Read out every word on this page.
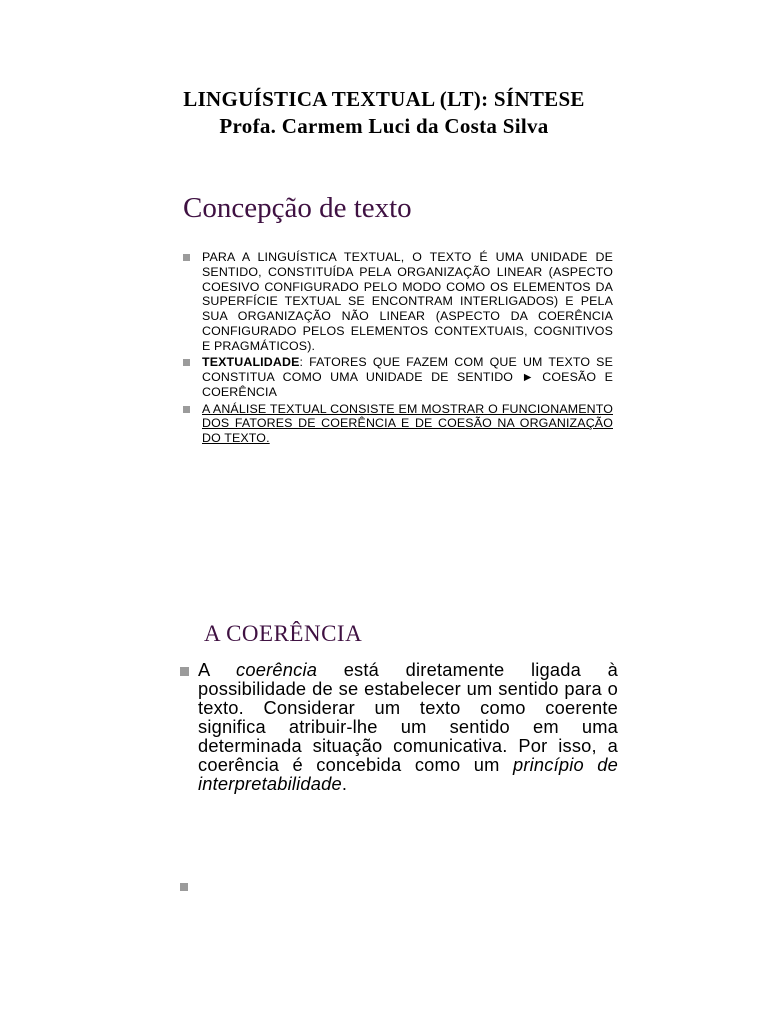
LINGUÍSTICA TEXTUAL (LT): SÍNTESE
Profa. Carmem Luci da Costa Silva
Concepção de texto
PARA A LINGUÍSTICA TEXTUAL, O TEXTO É UMA UNIDADE DE SENTIDO, CONSTITUÍDA PELA ORGANIZAÇÃO LINEAR (ASPECTO COESIVO CONFIGURADO PELO MODO COMO OS ELEMENTOS DA SUPERFÍCIE TEXTUAL SE ENCONTRAM INTERLIGADOS) E PELA SUA ORGANIZAÇÃO NÃO LINEAR (ASPECTO DA COERÊNCIA CONFIGURADO PELOS ELEMENTOS CONTEXTUAIS, COGNITIVOS E PRAGMÁTICOS).
TEXTUALIDADE: FATORES QUE FAZEM COM QUE UM TEXTO SE CONSTITUA COMO UMA UNIDADE DE SENTIDO ► COESÃO E COERÊNCIA
A ANÁLISE TEXTUAL CONSISTE EM MOSTRAR O FUNCIONAMENTO DOS FATORES DE COERÊNCIA E DE COESÃO NA ORGANIZAÇÃO DO TEXTO.
A COERÊNCIA
A coerência está diretamente ligada à possibilidade de se estabelecer um sentido para o texto. Considerar um texto como coerente significa atribuir-lhe um sentido em uma determinada situação comunicativa. Por isso, a coerência é concebida como um princípio de interpretabilidade.
